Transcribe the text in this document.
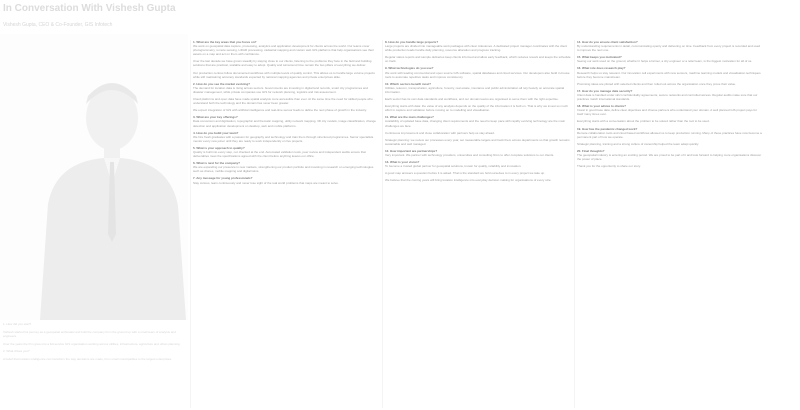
In Conversation With Vishesh Gupta
Vishesh Gupta, CEO & Co-Founder, GIS Infotech

1. How did you start?

Vishesh started his journey as a geospatial enthusiast and built the company from the ground up with a small team of analysts and engineers.

Over the years the firm grew into a full-service GIS organisation working across utilities, infrastructure, agriculture and urban planning.

2. What drives you?

A belief that location intelligence can transform the way decisions are made, from small municipalities to the largest enterprises.

1. What are the key areas that you focus on?
We work on geospatial data capture, processing, analytics and application development for clients across the world. Our teams cover photogrammetry, remote sensing, LiDAR processing, cadastral mapping and custom web GIS platforms that help organisations see their assets on a map and act on them with confidence.

Over the last decade we have grown steadily by staying close to our clients, listening to the problems they face in the field and building solutions that are practical, scalable and easy to adopt. Quality and turnaround time remain the two pillars of everything we deliver.

Our production centres follow documented workflows with multiple levels of quality control. This allows us to handle large volume projects while still maintaining accuracy standards expected by national mapping agencies and private enterprises alike.

2. How do you see the market evolving?
The demand for location data is rising across sectors. Governments are investing in digital land records, smart city programmes and disaster management, while private companies use GIS for network planning, logistics and risk assessment.

Cloud platforms and open data have made spatial analysis more accessible than ever. At the same time the need for skilled people who understand both the technology and the domain has never been greater.

We expect integration of GIS with artificial intelligence and real-time sensor feeds to define the next phase of growth in the industry.

3. What are your key offerings?
Data conversion and digitisation, topographic and thematic mapping, utility network mapping, 3D city models, image classification, change detection and application development on desktop, web and mobile platforms.

4. How do you build your team?
We hire fresh graduates with a passion for geography and technology and train them through structured programmes. Senior specialists mentor every new joiner until they are ready to work independently on live projects.

5. What is your approach to quality?
Quality is built into every step, not checked at the end. Automated validation tools, peer review and independent audits ensure that deliverables meet the specifications agreed with the client before anything leaves our office.

6. What is next for the company?
We are expanding our presence in new markets, strengthening our product portfolio and investing in research on emerging technologies such as drones, mobile mapping and digital twins.

7. Any message for young professionals?
Stay curious, learn continuously and never lose sight of the real world problems that maps are meant to solve.

8. How do you handle large projects?
Large projects are divided into manageable work packages with clear milestones. A dedicated project manager coordinates with the client while production leads handle daily planning, resource allocation and progress tracking.

Regular status reports and sample deliveries keep clients informed and allow early feedback, which reduces rework and keeps the schedule on track.

9. What technologies do you use?
We work with leading commercial and open source GIS software, spatial databases and cloud services. Our developers also build in-house tools to automate repetitive tasks and improve consistency.

10. Which sectors benefit most?
Utilities, telecom, transportation, agriculture, forestry, real estate, insurance and public administration all rely heavily on accurate spatial information.

Each sector has its own data standards and workflows, and our domain teams are organised to serve them with the right expertise.

Everything starts with data: the value of any analysis depends on the quality of the information it is built on. That is why we invest so much effort in capture and validation before moving on to modelling and visualisation.

11. What are the main challenges?
Availability of updated base data, changing client requirements and the need to keep pace with rapidly evolving technology are the main challenges we face.

Continuous improvement and close collaboration with partners help us stay ahead.

Strategic planning: we review our processes every year, set measurable targets and track them across departments so that growth remains sustainable and well managed.

12. How important are partnerships?
Very important. We partner with technology providers, universities and consulting firms to offer complete solutions to our clients.

13. What is your vision?
To become a trusted global partner for geospatial solutions, known for quality, reliability and innovation.

A good map answers a question before it is asked. That is the standard we hold ourselves to in every project we take up.

We believe that the coming years will bring location intelligence into everyday decision making for organisations of every size.

14. How do you ensure client satisfaction?
By understanding requirements in detail, communicating openly and delivering on time. Feedback from every project is recorded and used to improve the next one.

15. What keeps you motivated?
Seeing our work used on the ground, whether it helps a farmer, a city engineer or a relief team, is the biggest motivation for all of us.

16. What role does research play?
Research helps us stay relevant. Our innovation cell experiments with new sensors, machine learning models and visualisation techniques before they become mainstream.

Promising ideas are piloted with selected clients and then rolled out across the organisation once they prove their value.

17. How do you manage data security?
Client data is handled under strict confidentiality agreements, secure networks and controlled access. Regular audits make sure that our practices match international standards.

18. What is your advice to clients?
Invest in good base data, define clear objectives and choose partners who understand your domain. A well planned GIS project pays for itself many times over.

Everything starts with a conversation about the problem to be solved rather than the tool to be used.

19. How has the pandemic changed work?
Remote collaboration tools and cloud based workflows allowed us to keep production running. Many of these practices have now become a permanent part of how we operate.

Strategic planning, training and a strong culture of ownership helped the team adapt quickly.

20. Final thoughts?
The geospatial industry is entering an exciting period. We are proud to be part of it and look forward to helping more organisations discover the power of place.

Thank you for the opportunity to share our story.
